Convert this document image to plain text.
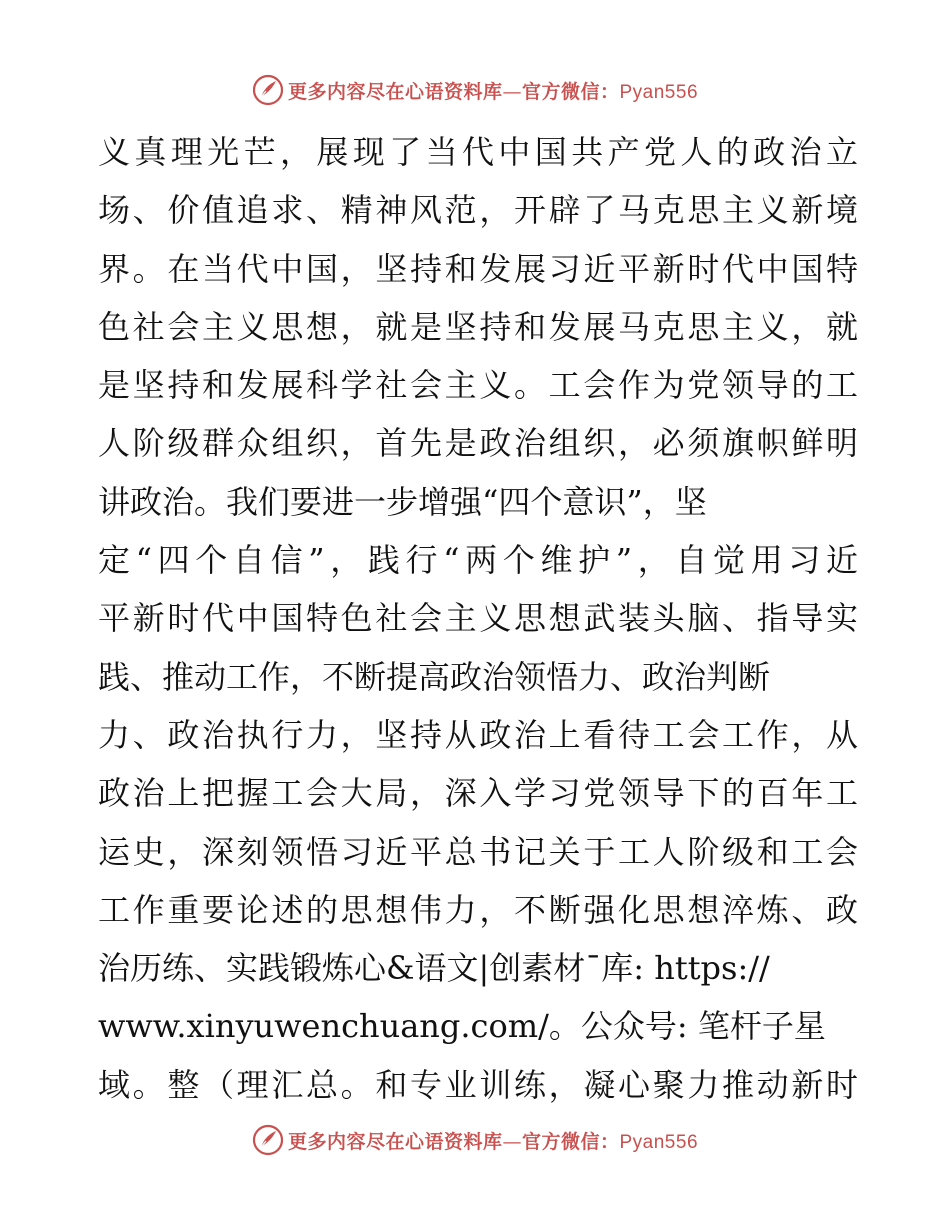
更多内容尽在心语资料库—官方微信：Pyan556
义真理光芒，展现了当代中国共产党人的政治立
场、价值追求、精神风范，开辟了马克思主义新境
界。在当代中国，坚持和发展习近平新时代中国特
色社会主义思想，就是坚持和发展马克思主义，就
是坚持和发展科学社会主义。工会作为党领导的工
人阶级群众组织，首先是政治组织，必须旗帜鲜明
讲政治。我们要进一步增强“四个意识”，坚
定“四个自信”，践行“两个维护”，自觉用习近
平新时代中国特色社会主义思想武装头脑、指导实
践、推动工作，不断提高政治领悟力、政治判断
力、政治执行力，坚持从政治上看待工会工作，从
政治上把握工会大局，深入学习党领导下的百年工
运史，深刻领悟习近平总书记关于工人阶级和工会
工作重要论述的思想伟力，不断强化思想淬炼、政
治历练、实践锻炼心&语文|创素材¯库: https://
www.xinyuwenchuang.com/。公众号: 笔杆子星
域。整（理汇总。和专业训练，凝心聚力推动新时
更多内容尽在心语资料库—官方微信：Pyan556
